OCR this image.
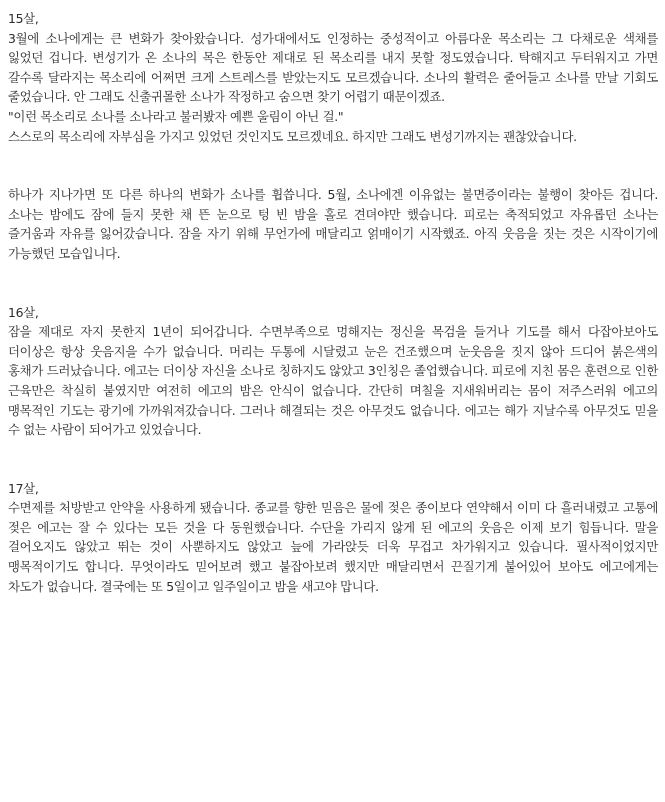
15살,

3월에 소나에게는 큰 변화가 찾아왔습니다. 성가대에서도 인정하는 중성적이고 아름다운 목소리는 그 다채로운 색채를 잃었던 겁니다. 변성기가 온 소나의 목은 한동안 제대로 된 목소리를 내지 못할 정도였습니다. 탁해지고 두터워지고 가면 갈수록 달라지는 목소리에 어쩌면 크게 스트레스를 받았는지도 모르겠습니다. 소나의 활력은 줄어들고 소나를 만날 기회도 줄었습니다. 안 그래도 신출귀몰한 소나가 작정하고 숨으면 찾기 어렵기 때문이겠죠.

"이런 목소리로 소나를 소나라고 불러봤자 예쁜 울림이 아닌 걸."

스스로의 목소리에 자부심을 가지고 있었던 것인지도 모르겠네요. 하지만 그래도 변성기까지는 괜찮았습니다.

하나가 지나가면 또 다른 하나의 변화가 소나를 휩씁니다. 5월, 소나에겐 이유없는 불면증이라는 불행이 찾아든 겁니다. 소나는 밤에도 잠에 들지 못한 채 뜬 눈으로 텅 빈 밤을 홀로 견뎌야만 했습니다. 피로는 축적되었고 자유롭던 소나는 즐거움과 자유를 잃어갔습니다. 잠을 자기 위해 무언가에 매달리고 얽매이기 시작했죠. 아직 웃음을 짓는 것은 시작이기에 가능했던 모습입니다.

16살,

잠을 제대로 자지 못한지 1년이 되어갑니다. 수면부족으로 멍해지는 정신을 목검을 들거나 기도를 해서 다잡아보아도 더이상은 항상 웃음지을 수가 없습니다. 머리는 두통에 시달렸고 눈은 건조했으며 눈웃음을 짓지 않아 드디어 붉은색의 홍채가 드러났습니다. 에고는 더이상 자신을 소나로 칭하지도 않았고 3인칭은 졸업했습니다. 피로에 지친 몸은 훈련으로 인한 근육만은 착실히 붙였지만 여전히 에고의 밤은 안식이 없습니다. 간단히 며칠을 지새워버리는 몸이 저주스러워 에고의 맹목적인 기도는 광기에 가까워져갔습니다. 그러나 해결되는 것은 아무것도 없습니다. 에고는 해가 지날수록 아무것도 믿을 수 없는 사람이 되어가고 있었습니다.

17살,

수면제를 처방받고 안약을 사용하게 됐습니다. 종교를 향한 믿음은 물에 젖은 종이보다 연약해서 이미 다 흘러내렸고 고통에 젖은 에고는 잘 수 있다는 모든 것을 다 동원했습니다. 수단을 가리지 않게 된 에고의 웃음은 이제 보기 힘듭니다. 말을 걸어오지도 않았고 뛰는 것이 사뿐하지도 않았고 늪에 가라앉듯 더욱 무겁고 차가워지고 있습니다. 필사적이었지만 맹목적이기도 합니다. 무엇이라도 믿어보려 했고 붙잡아보려 했지만 매달리면서 끈질기게 붙어있어 보아도 에고에게는 차도가 없습니다. 결국에는 또 5일이고 일주일이고 밤을 새고야 맙니다.
